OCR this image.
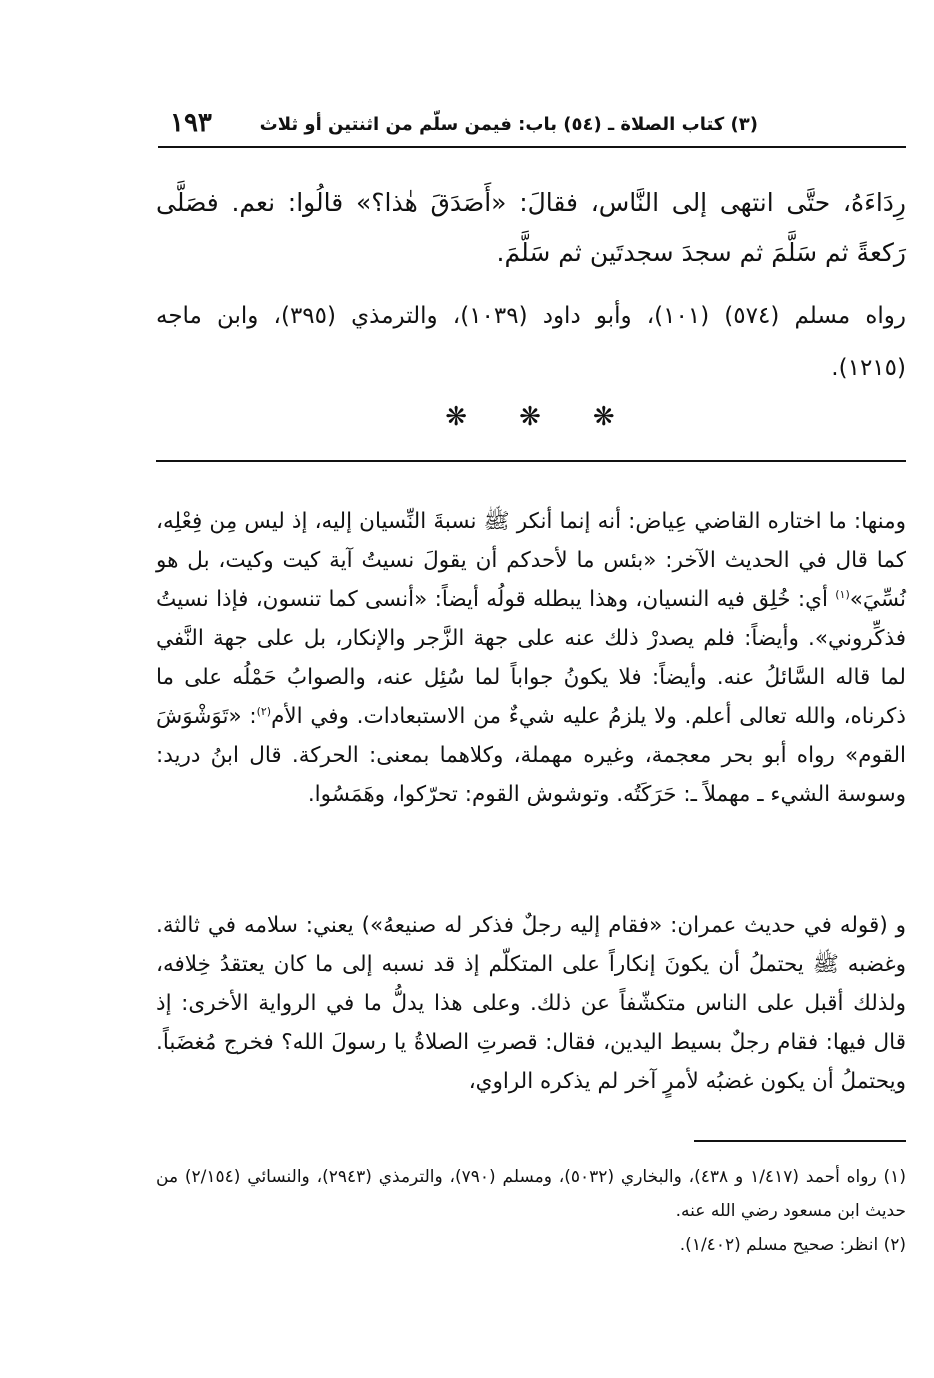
١٩٣	(٣) كتاب الصلاة ـ (٥٤) باب: فيمن سلّم من اثنتين أو ثلاث
رِدَاءَهُ، حتَّى انتهى إلى النَّاس، فقالَ: «أَصَدَقَ هٰذا؟» قالُوا: نعم. فصَلَّى رَكعةً ثم سَلَّمَ ثم سجدَ سجدتَين ثم سَلَّمَ.
رواه مسلم (٥٧٤) (١٠١)، وأبو داود (١٠٣٩)، والترمذي (٣٩٥)، وابن ماجه (١٢١٥).
❋ ❋ ❋
ومنها: ما اختاره القاضي عِياض: أنه إنما أنكر ﷺ نسبةَ النِّسيان إليه، إذ ليس مِن فِعْلِه، كما قال في الحديث الآخر: «بئس ما لأحدكم أن يقولَ نسيتُ آية كيت وكيت، بل هو نُسِّيَ»$^{(١)}$ أي: خُلِق فيه النسيان، وهذا يبطله قولُه أيضاً: «أنسى كما تنسون، فإذا نسيتُ فذكِّروني». وأيضاً: فلم يصدرْ ذلك عنه على جهة الزَّجر والإنكار، بل على جهة النَّفي لما قاله السَّائلُ عنه. وأيضاً: فلا يكونُ جواباً لما سُئِل عنه، والصوابُ حَمْلُه على ما ذكرناه، والله تعالى أعلم. ولا يلزمُ عليه شيءٌ من الاستبعادات. وفي الأم$^{(٢)}$: «تَوَشْوَشَ القوم» رواه أبو بحر معجمة، وغيره مهملة، وكلاهما بمعنى: الحركة. قال ابنُ دريد: وسوسة الشيء ـ مهملاً ـ: حَرَكَتُه. وتوشوش القوم: تحرّكوا، وهَمَسُوا.
و (قوله في حديث عمران: «فقام إليه رجلٌ فذكر له صنيعهُ») يعني: سلامه في ثالثة. وغضبه ﷺ يحتملُ أن يكونَ إنكاراً على المتكلّم إذ قد نسبه إلى ما كان يعتقدُ خِلافه، ولذلك أقبل على الناس متكشّفاً عن ذلك. وعلى هذا يدلُّ ما في الرواية الأخرى: إذ قال فيها: فقام رجلٌ بسيط اليدين، فقال: قصرتِ الصلاةُ يا رسولَ الله؟ فخرج مُغضَباً. ويحتملُ أن يكون غضبُه لأمرٍ آخر لم يذكره الراوي،

(١) رواه أحمد (١/٤١٧ و ٤٣٨)، والبخاري (٥٠٣٢)، ومسلم (٧٩٠)، والترمذي (٢٩٤٣)، والنسائي (٢/١٥٤) من حديث ابن مسعود رضي الله عنه.

(٢) انظر: صحيح مسلم (١/٤٠٢).
